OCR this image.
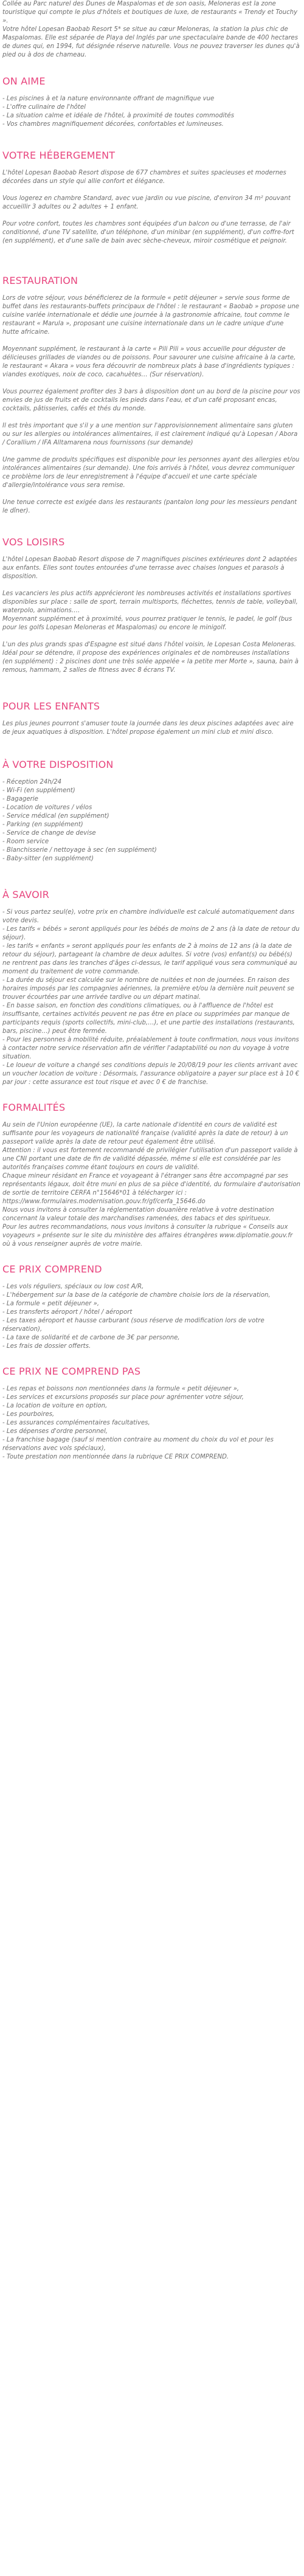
Collée au Parc naturel des Dunes de Maspalomas et de son oasis, Meloneras est la zone touristique qui compte le plus d'hôtels et boutiques de luxe, de restaurants « Trendy et Touchy ».

Votre hôtel Lopesan Baobab Resort 5* se situe au cœur Meloneras, la station la plus chic de Maspalomas. Elle est séparée de Playa del Inglés par une spectaculaire bande de 400 hectares de dunes qui, en 1994, fut désignée réserve naturelle. Vous ne pouvez traverser les dunes qu'à pied ou à dos de chameau.

ON AIME
- Les piscines à et la nature environnante offrant de magnifique vue
- L'offre culinaire de l'hôtel
- La situation calme et idéale de l'hôtel, à proximité de toutes commodités
- Vos chambres magnifiquement décorées, confortables et lumineuses.
VOTRE HÉBERGEMENT

L'hôtel Lopesan Baobab Resort dispose de 677 chambres et suites spacieuses et modernes décorées dans un style qui allie confort et élégance.

Vous logerez en chambre Standard, avec vue jardin ou vue piscine, d'environ 34 m² pouvant accueillir 3 adultes ou 2 adultes + 1 enfant.

Pour votre confort, toutes les chambres sont équipées d'un balcon ou d'une terrasse, de l'air conditionné, d'une TV satellite, d'un téléphone, d'un minibar (en supplément), d'un coffre-fort (en supplément), et d'une salle de bain avec sèche-cheveux, miroir cosmétique et peignoir.

RESTAURATION

Lors de votre séjour, vous bénéficierez de la formule « petit déjeuner » servie sous forme de buffet dans les restaurants-buffets principaux de l'hôtel : le restaurant « Baobab » propose une cuisine variée internationale et dédie une journée à la gastronomie africaine, tout comme le restaurant « Marula », proposant une cuisine internationale dans un le cadre unique d'une hutte africaine.

Moyennant supplément, le restaurant à la carte « Pili Pili » vous accueille pour déguster de délicieuses grillades de viandes ou de poissons. Pour savourer une cuisine africaine à la carte, le restaurant « Akara » vous fera découvrir de nombreux plats à base d'ingrédients typiques : viandes exotiques, noix de coco, cacahuètes… (Sur réservation).

Vous pourrez également profiter des 3 bars à disposition dont un au bord de la piscine pour vos envies de jus de fruits et de cocktails les pieds dans l'eau, et d'un café proposant encas, cocktails, pâtisseries, cafés et thés du monde.

Il est très important que s'il y a une mention sur l'approvisionnement alimentaire sans gluten ou sur les allergies ou intolérances alimentaires, il est clairement indiqué qu'à Lopesan / Abora / Corallium / IFA Alltamarena nous fournissons (sur demande)

Une gamme de produits spécifiques est disponible pour les personnes ayant des allergies et/ou intolérances alimentaires (sur demande). Une fois arrivés à l'hôtel, vous devrez communiquer ce problème lors de leur enregistrement à l'équipe d'accueil et une carte spéciale d'allergie/intolérance vous sera remise.

Une tenue correcte est exigée dans les restaurants (pantalon long pour les messieurs pendant le dîner).

VOS LOISIRS

L'hôtel Lopesan Baobab Resort dispose de 7 magnifiques piscines extérieures dont 2 adaptées aux enfants. Elles sont toutes entourées d'une terrasse avec chaises longues et parasols à disposition.

Les vacanciers les plus actifs apprécieront les nombreuses activités et installations sportives disponibles sur place : salle de sport, terrain multisports, fléchettes, tennis de table, volleyball, waterpolo, animations….

Moyennant supplément et à proximité, vous pourrez pratiquer le tennis, le padel, le golf (bus pour les golfs Lopesan Meloneras et Maspalomas) ou encore le minigolf.

L'un des plus grands spas d'Espagne est situé dans l'hôtel voisin, le Lopesan Costa Meloneras. Idéal pour se détendre, il propose des expériences originales et de nombreuses installations (en supplément) : 2 piscines dont une très solée appelée « la petite mer Morte », sauna, bain à remous, hammam, 2 salles de fitness avec 8 écrans TV.

POUR LES ENFANTS

Les plus jeunes pourront s'amuser toute la journée dans les deux piscines adaptées avec aire de jeux aquatiques à disposition. L'hôtel propose également un mini club et mini disco.

À VOTRE DISPOSITION
- Réception 24h/24
- Wi-Fi (en supplément)
- Bagagerie
- Location de voitures / vélos
- Service médical (en supplément)
- Parking (en supplément)
- Service de change de devise
- Room service
- Blanchisserie / nettoyage à sec (en supplément)
- Baby-sitter (en supplément)
À SAVOIR

- Si vous partez seul(e), votre prix en chambre individuelle est calculé automatiquement dans votre devis.

- Les tarifs « bébés » seront appliqués pour les bébés de moins de 2 ans (à la date de retour du séjour).

- les tarifs « enfants » seront appliqués pour les enfants de 2 à moins de 12 ans (à la date de retour du séjour), partageant la chambre de deux adultes. Si votre (vos) enfant(s) ou bébé(s) ne rentrent pas dans les tranches d'âges ci-dessus, le tarif appliqué vous sera communiqué au moment du traitement de votre commande.

- La durée du séjour est calculée sur le nombre de nuitées et non de journées. En raison des horaires imposés par les compagnies aériennes, la première et/ou la dernière nuit peuvent se trouver écourtées par une arrivée tardive ou un départ matinal.

- En basse saison, en fonction des conditions climatiques, ou à l'affluence de l'hôtel est insuffisante, certaines activités peuvent ne pas être en place ou supprimées par manque de participants requis (sports collectifs, mini-club,…), et une partie des installations (restaurants, bars, piscine…) peut être fermée.

- Pour les personnes à mobilité réduite, préalablement à toute confirmation, nous vous invitons à contacter notre service réservation afin de vérifier l'adaptabilité ou non du voyage à votre situation.

- Le loueur de voiture a changé ses conditions depuis le 20/08/19 pour les clients arrivant avec un voucher location de voiture : Désormais, l'assurance obligatoire a payer sur place est à 10 € par jour : cette assurance est tout risque et avec 0 € de franchise.

FORMALITÉS

Au sein de l'Union européenne (UE), la carte nationale d'identité en cours de validité est suffisante pour les voyageurs de nationalité française (validité après la date de retour) à un passeport valide après la date de retour peut également être utilisé.

Attention : il vous est fortement recommandé de privilégier l'utilisation d'un passeport valide à une CNI portant une date de fin de validité dépassée, même si elle est considérée par les autorités françaises comme étant toujours en cours de validité.

Chaque mineur résidant en France et voyageant à l'étranger sans être accompagné par ses représentants légaux, doit être muni en plus de sa pièce d'identité, du formulaire d'autorisation de sortie de territoire CERFA n°15646*01 à télécharger ici :

https://www.formulaires.modernisation.gouv.fr/gf/cerfa_15646.do

Nous vous invitons à consulter la réglementation douanière relative à votre destination concernant la valeur totale des marchandises ramenées, des tabacs et des spiritueux.

Pour les autres recommandations, nous vous invitons à consulter la rubrique « Conseils aux voyageurs » présente sur le site du ministère des affaires étrangères www.diplomatie.gouv.fr où à vous renseigner auprès de votre mairie.

CE PRIX COMPREND
- Les vols réguliers, spéciaux ou low cost A/R,
- L'hébergement sur la base de la catégorie de chambre choisie lors de la réservation,
- La formule « petit déjeuner »,
- Les transferts aéroport / hôtel / aéroport
- Les taxes aéroport et hausse carburant (sous réserve de modification lors de votre réservation),
- La taxe de solidarité et de carbone de 3€ par personne,
- Les frais de dossier offerts.
CE PRIX NE COMPREND PAS
- Les repas et boissons non mentionnées dans la formule « petit déjeuner »,
- Les services et excursions proposés sur place pour agrémenter votre séjour,
- La location de voiture en option,
- Les pourboires,
- Les assurances complémentaires facultatives,
- Les dépenses d'ordre personnel,
- La franchise bagage (sauf si mention contraire au moment du choix du vol et pour les réservations avec vols spéciaux),
- Toute prestation non mentionnée dans la rubrique CE PRIX COMPREND.
